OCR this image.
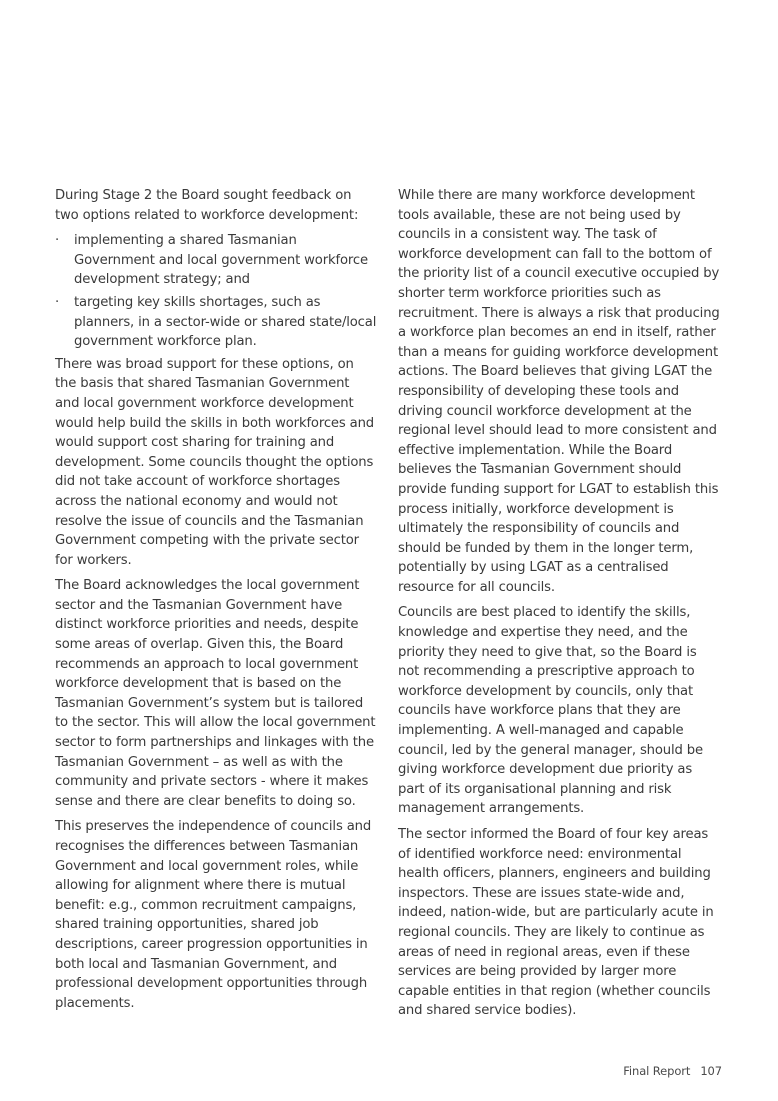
During Stage 2 the Board sought feedback on two options related to workforce development:

· implementing a shared Tasmanian Government and local government workforce development strategy; and
· targeting key skills shortages, such as planners, in a sector-wide or shared state/local government workforce plan.

There was broad support for these options, on the basis that shared Tasmanian Government and local government workforce development would help build the skills in both workforces and would support cost sharing for training and development. Some councils thought the options did not take account of workforce shortages across the national economy and would not resolve the issue of councils and the Tasmanian Government competing with the private sector for workers.

The Board acknowledges the local government sector and the Tasmanian Government have distinct workforce priorities and needs, despite some areas of overlap. Given this, the Board recommends an approach to local government workforce development that is based on the Tasmanian Government’s system but is tailored to the sector. This will allow the local government sector to form partnerships and linkages with the Tasmanian Government – as well as with the community and private sectors - where it makes sense and there are clear benefits to doing so.

This preserves the independence of councils and recognises the differences between Tasmanian Government and local government roles, while allowing for alignment where there is mutual benefit: e.g., common recruitment campaigns, shared training opportunities, shared job descriptions, career progression opportunities in both local and Tasmanian Government, and professional development opportunities through placements.

While there are many workforce development tools available, these are not being used by councils in a consistent way. The task of workforce development can fall to the bottom of the priority list of a council executive occupied by shorter term workforce priorities such as recruitment. There is always a risk that producing a workforce plan becomes an end in itself, rather than a means for guiding workforce development actions. The Board believes that giving LGAT the responsibility of developing these tools and driving council workforce development at the regional level should lead to more consistent and effective implementation. While the Board believes the Tasmanian Government should provide funding support for LGAT to establish this process initially, workforce development is ultimately the responsibility of councils and should be funded by them in the longer term, potentially by using LGAT as a centralised resource for all councils.

Councils are best placed to identify the skills, knowledge and expertise they need, and the priority they need to give that, so the Board is not recommending a prescriptive approach to workforce development by councils, only that councils have workforce plans that they are implementing. A well-managed and capable council, led by the general manager, should be giving workforce development due priority as part of its organisational planning and risk management arrangements.

The sector informed the Board of four key areas of identified workforce need: environmental health officers, planners, engineers and building inspectors. These are issues state-wide and, indeed, nation-wide, but are particularly acute in regional councils. They are likely to continue as areas of need in regional areas, even if these services are being provided by larger more capable entities in that region (whether councils and shared service bodies).

Final Report 107
